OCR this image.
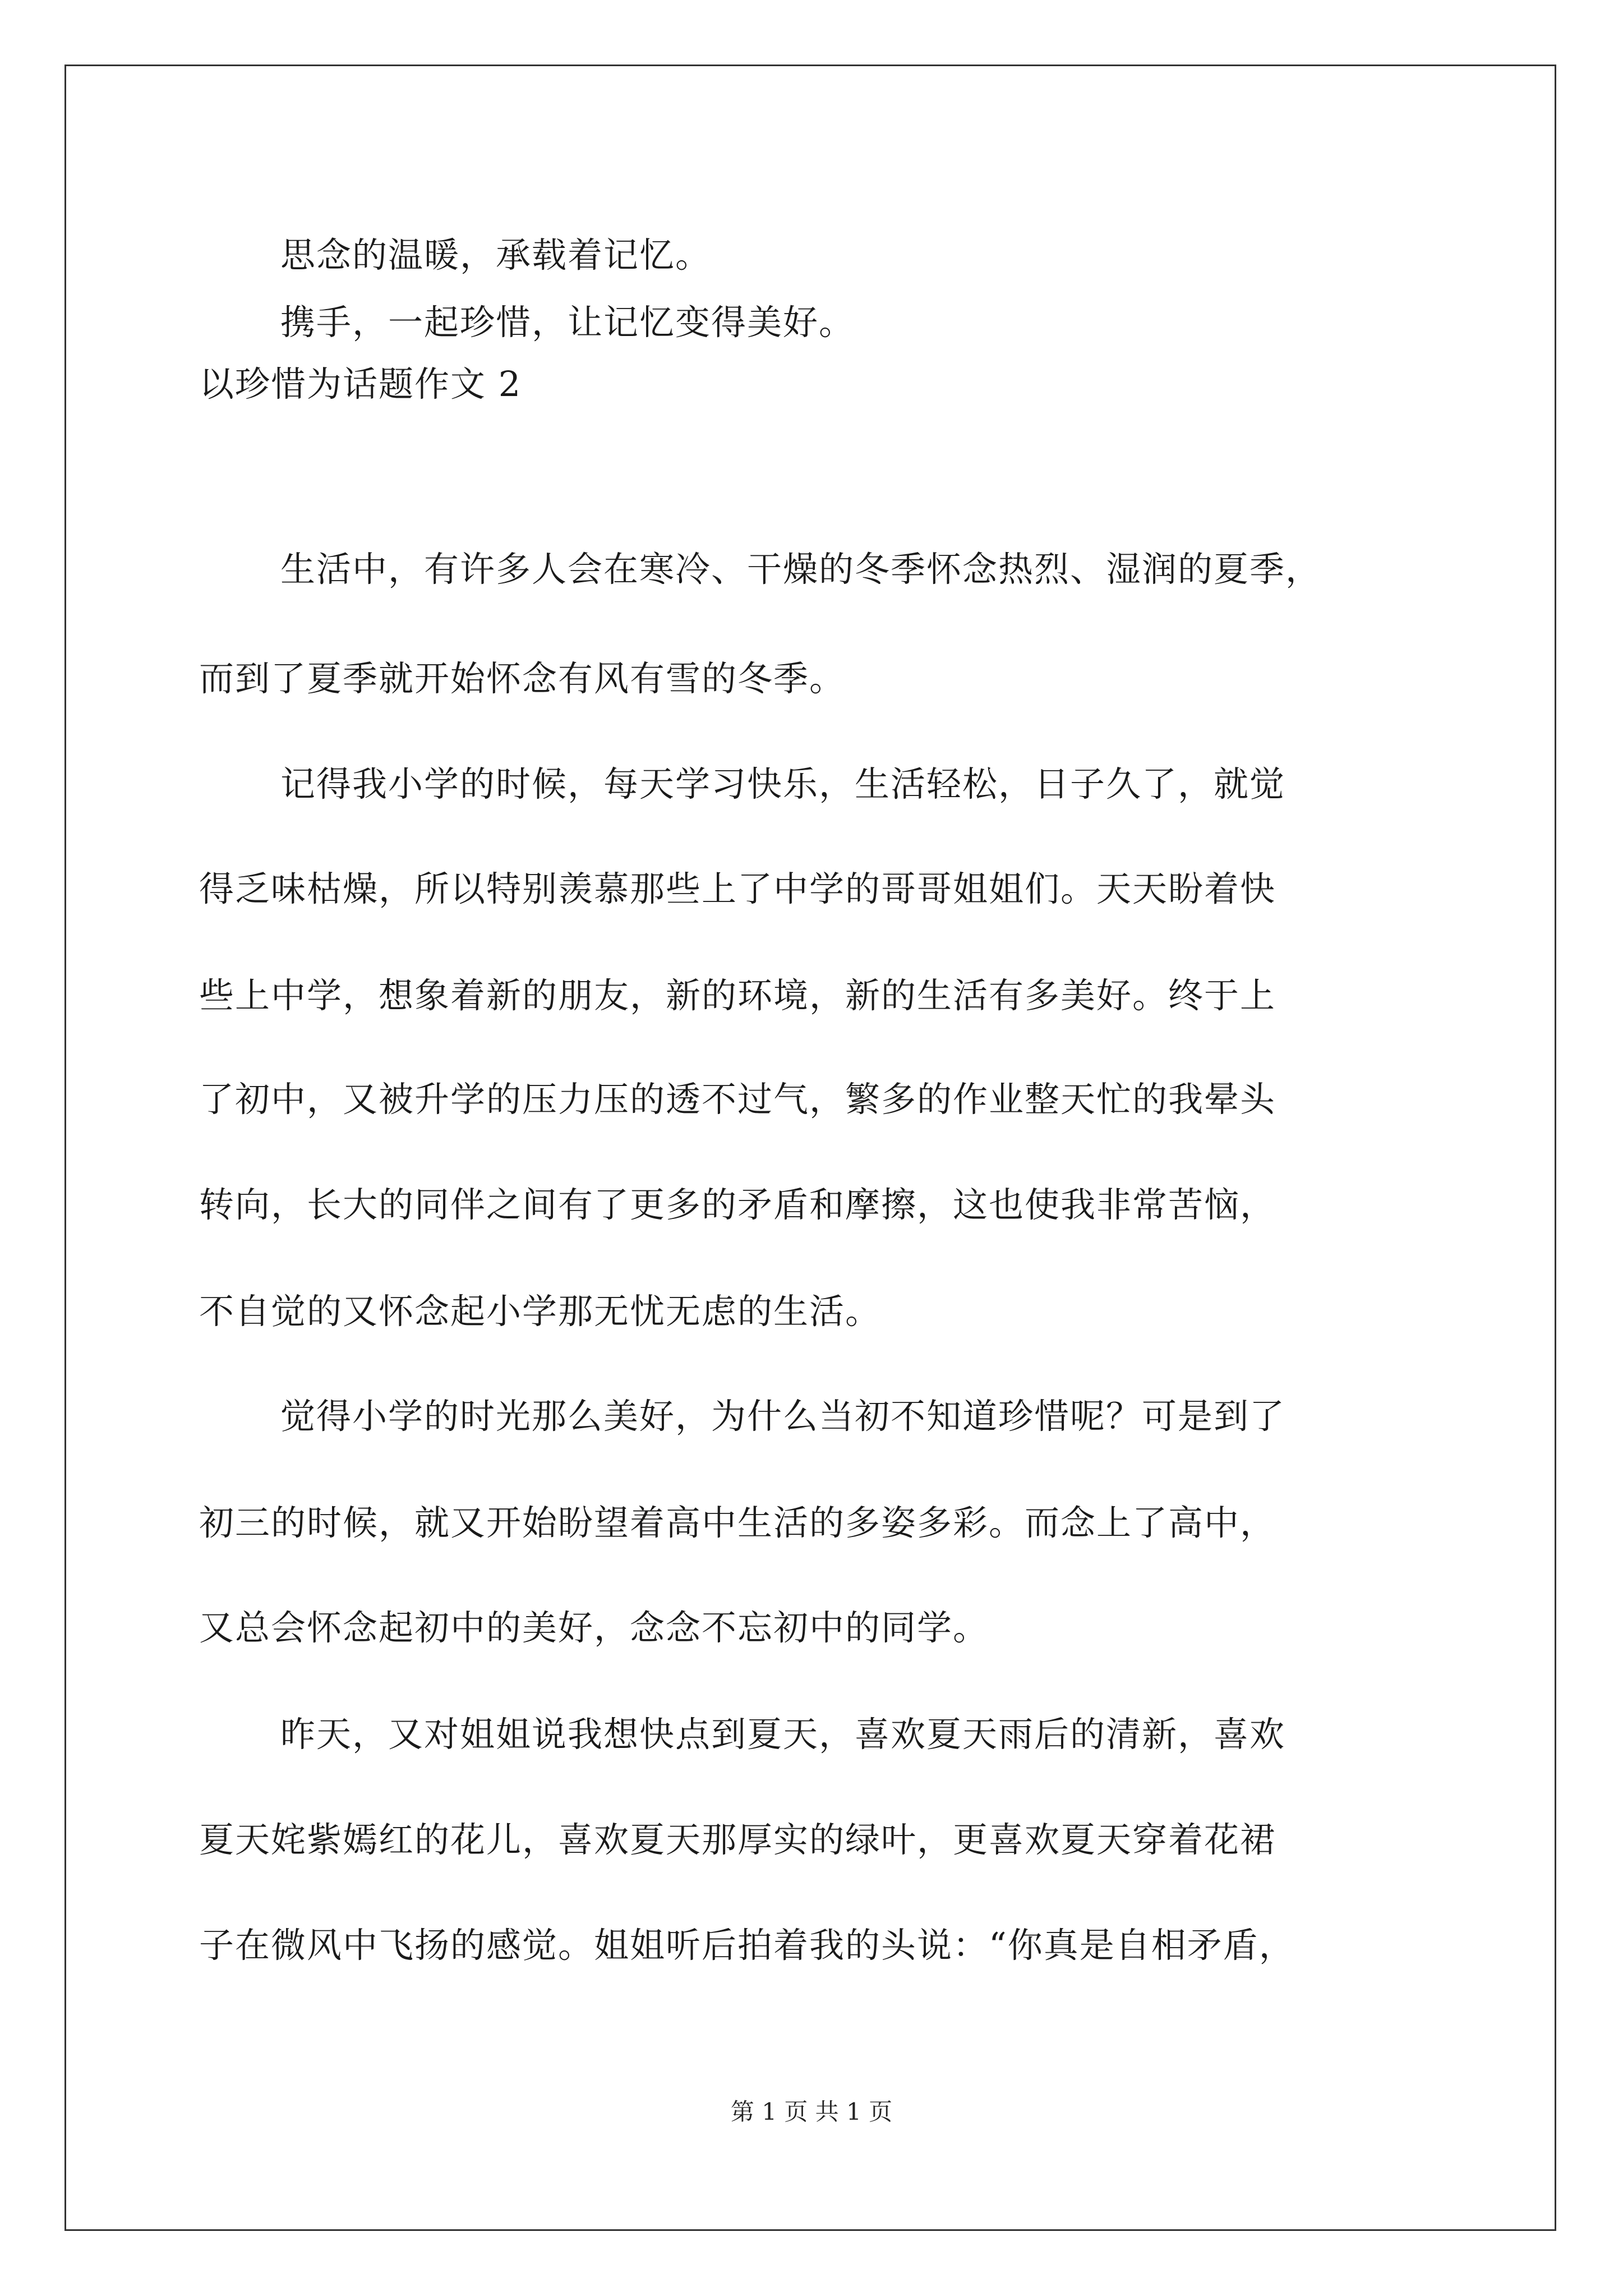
思念的温暖，承载着记忆。
携手，一起珍惜，让记忆变得美好。
以珍惜为话题作文 2
生活中，有许多人会在寒冷、干燥的冬季怀念热烈、湿润的夏季，
而到了夏季就开始怀念有风有雪的冬季。
记得我小学的时候，每天学习快乐，生活轻松，日子久了，就觉
得乏味枯燥，所以特别羡慕那些上了中学的哥哥姐姐们。天天盼着快
些上中学，想象着新的朋友，新的环境，新的生活有多美好。终于上
了初中，又被升学的压力压的透不过气，繁多的作业整天忙的我晕头
转向，长大的同伴之间有了更多的矛盾和摩擦，这也使我非常苦恼，
不自觉的又怀念起小学那无忧无虑的生活。
觉得小学的时光那么美好，为什么当初不知道珍惜呢？可是到了
初三的时候，就又开始盼望着高中生活的多姿多彩。而念上了高中，
又总会怀念起初中的美好，念念不忘初中的同学。
昨天，又对姐姐说我想快点到夏天，喜欢夏天雨后的清新，喜欢
夏天姹紫嫣红的花儿，喜欢夏天那厚实的绿叶，更喜欢夏天穿着花裙
子在微风中飞扬的感觉。姐姐听后拍着我的头说：“你真是自相矛盾，
第 1 页 共 1 页
